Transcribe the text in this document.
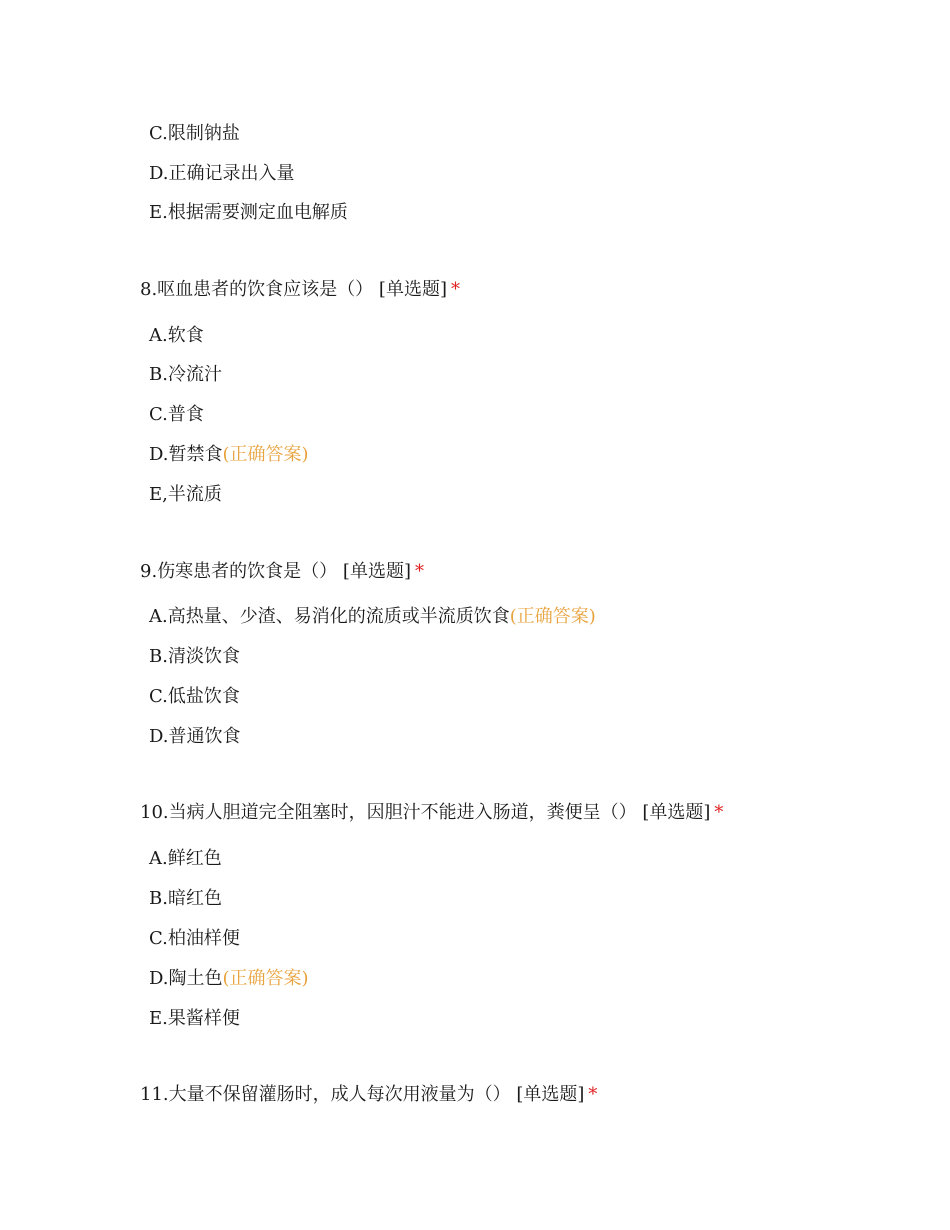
C.限制钠盐
D.正确记录出入量
E.根据需要测定血电解质
8.呕血患者的饮食应该是（） [单选题] *
A.软食
B.冷流汁
C.普食
D.暂禁食(正确答案)
E,半流质
9.伤寒患者的饮食是（） [单选题] *
A.高热量、少渣、易消化的流质或半流质饮食(正确答案)
B.清淡饮食
C.低盐饮食
D.普通饮食
10.当病人胆道完全阻塞时，因胆汁不能进入肠道，粪便呈（） [单选题] *
A.鲜红色
B.暗红色
C.柏油样便
D.陶土色(正确答案)
E.果酱样便
11.大量不保留灌肠时，成人每次用液量为（） [单选题] *
